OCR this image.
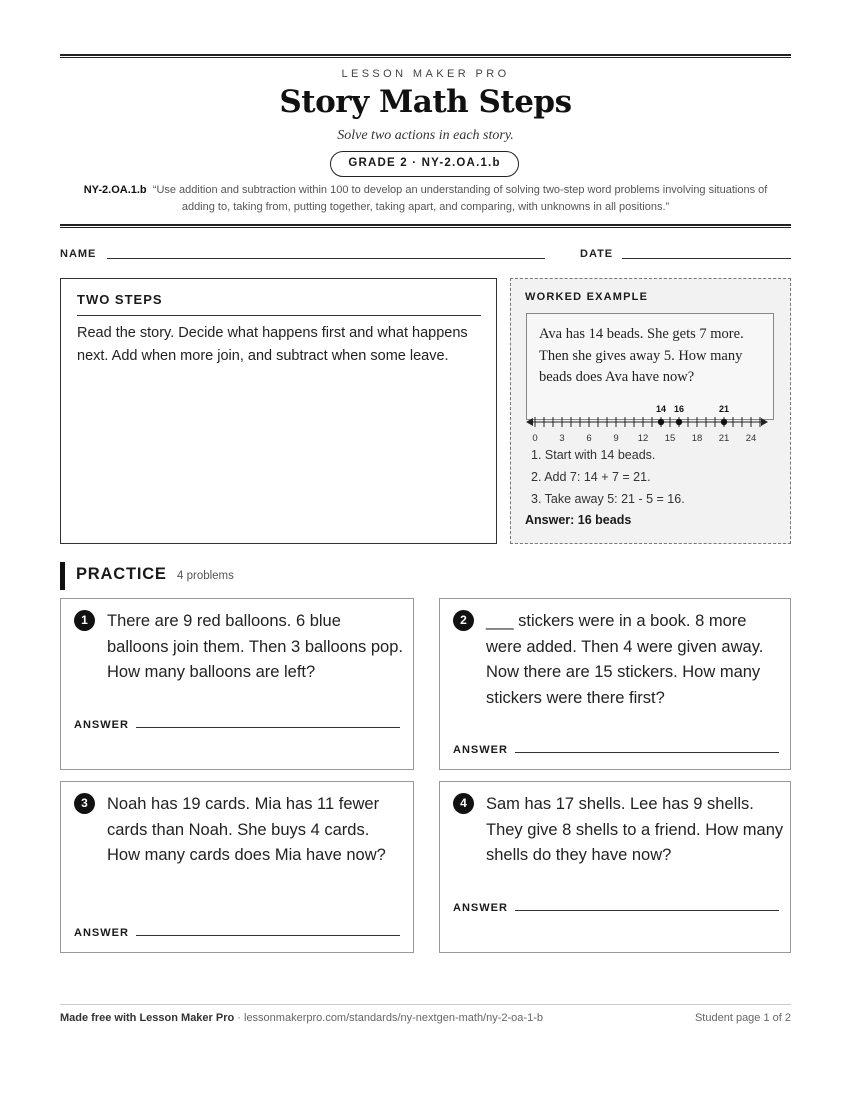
LESSON MAKER PRO
Story Math Steps
Solve two actions in each story.
GRADE 2 · NY-2.OA.1.b
NY-2.OA.1.b “Use addition and subtraction within 100 to develop an understanding of solving two-step word problems involving situations of adding to, taking from, putting together, taking apart, and comparing, with unknowns in all positions.”
NAME	DATE
TWO STEPS
Read the story. Decide what happens first and what happens next. Add when more join, and subtract when some leave.
WORKED EXAMPLE
Ava has 14 beads. She gets 7 more. Then she gives away 5. How many beads does Ava have now?
0 3 6 9 12 15 18 21 24
14 16	21
1. Start with 14 beads.
2. Add 7: 14 + 7 = 21.
3. Take away 5: 21 - 5 = 16.
Answer: 16 beads
PRACTICE 4 problems
1	There are 9 red balloons. 6 blue balloons join them. Then 3 balloons pop. How many balloons are left?
ANSWER
2	___ stickers were in a book. 8 more were added. Then 4 were given away. Now there are 15 stickers. How many stickers were there first?
ANSWER
3	Noah has 19 cards. Mia has 11 fewer cards than Noah. She buys 4 cards. How many cards does Mia have now?
ANSWER
4	Sam has 17 shells. Lee has 9 shells. They give 8 shells to a friend. How many shells do they have now?
ANSWER
Made free with Lesson Maker Pro · lessonmakerpro.com/standards/ny-nextgen-math/ny-2-oa-1-b	Student page 1 of 2
